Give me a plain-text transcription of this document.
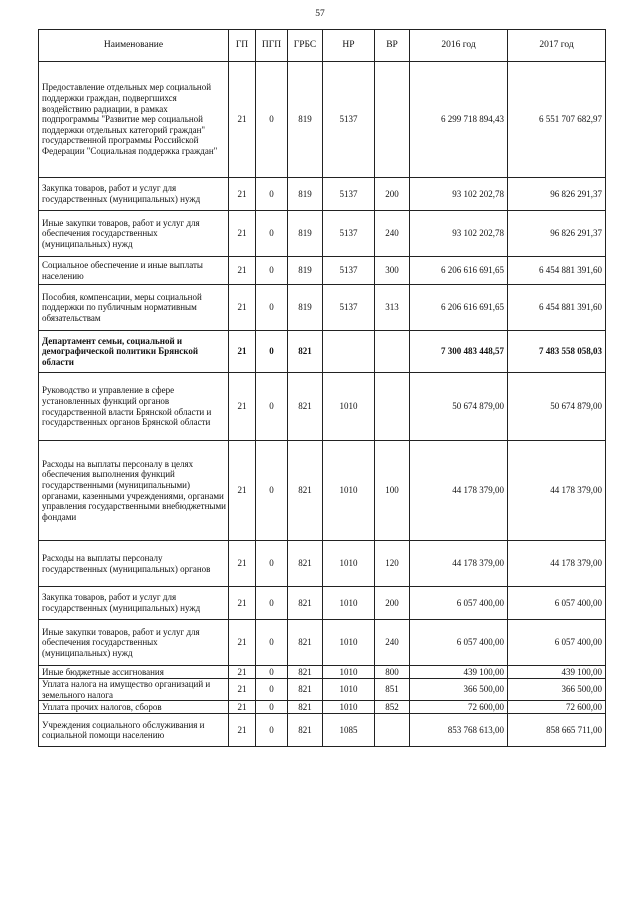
57
Наименование	ГП	ПГП	ГРБС	НР	ВР	2016 год	2017 год
Предоставление отдельных мер социальной поддержки граждан, подвергшихся воздействию радиации, в рамках подпрограммы "Развитие мер социальной поддержки отдельных категорий граждан" государственной программы Российской Федерации "Социальная поддержка граждан"	21	0	819	5137		6 299 718 894,43	6 551 707 682,97
Закупка товаров, работ и услуг для государственных (муниципальных) нужд	21	0	819	5137	200	93 102 202,78	96 826 291,37
Иные закупки товаров, работ и услуг для обеспечения государственных (муниципальных) нужд	21	0	819	5137	240	93 102 202,78	96 826 291,37
Социальное обеспечение и иные выплаты населению	21	0	819	5137	300	6 206 616 691,65	6 454 881 391,60
Пособия, компенсации, меры социальной поддержки по публичным нормативным обязательствам	21	0	819	5137	313	6 206 616 691,65	6 454 881 391,60
Департамент семьи, социальной и демографической политики Брянской области	21	0	821			7 300 483 448,57	7 483 558 058,03
Руководство и управление в сфере установленных функций органов государственной власти Брянской области и государственных органов Брянской области	21	0	821	1010		50 674 879,00	50 674 879,00
Расходы на выплаты персоналу в целях обеспечения выполнения функций государственными (муниципальными) органами, казенными учреждениями, органами управления государственными внебюджетными фондами	21	0	821	1010	100	44 178 379,00	44 178 379,00
Расходы на выплаты персоналу государственных (муниципальных) органов	21	0	821	1010	120	44 178 379,00	44 178 379,00
Закупка товаров, работ и услуг для государственных (муниципальных) нужд	21	0	821	1010	200	6 057 400,00	6 057 400,00
Иные закупки товаров, работ и услуг для обеспечения государственных (муниципальных) нужд	21	0	821	1010	240	6 057 400,00	6 057 400,00
Иные бюджетные ассигнования	21	0	821	1010	800	439 100,00	439 100,00
Уплата налога на имущество организаций и земельного налога	21	0	821	1010	851	366 500,00	366 500,00
Уплата прочих налогов, сборов	21	0	821	1010	852	72 600,00	72 600,00
Учреждения социального обслуживания и социальной помощи населению	21	0	821	1085		853 768 613,00	858 665 711,00
